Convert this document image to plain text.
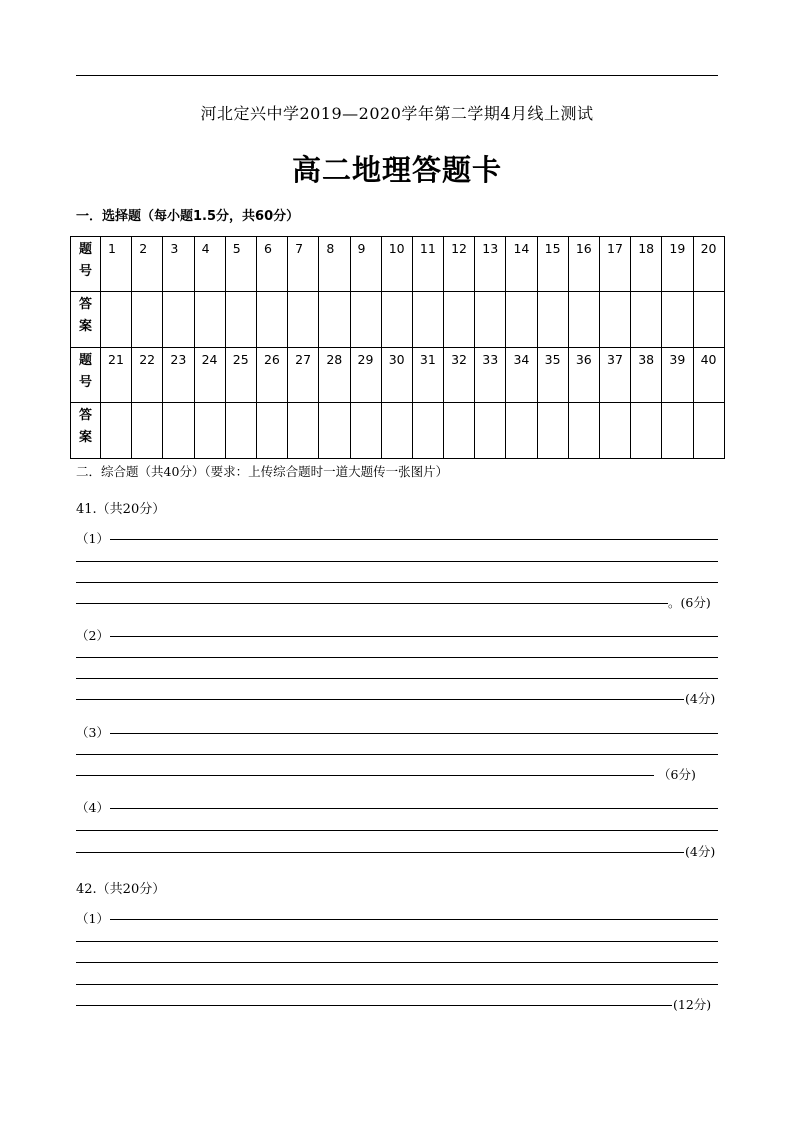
河北定兴中学2019—2020学年第二学期4月线上测试
高二地理答题卡
一．选择题（每小题1.5分，共60分）
题
号	1	2	3	4	5	6	7	8	9	10	11	12	13	14	15	16	17	18	19	20

答
案																				

题
号	21	22	23	24	25	26	27	28	29	30	31	32	33	34	35	36	37	38	39	40

答
案																				

二．综合题（共40分）（要求：上传综合题时一道大题传一张图片）
41.（共20分）
（1）
。(6分)
（2）
(4分)
（3）
（6分)
（4）
(4分)
42.（共20分）
（1）
(12分)
